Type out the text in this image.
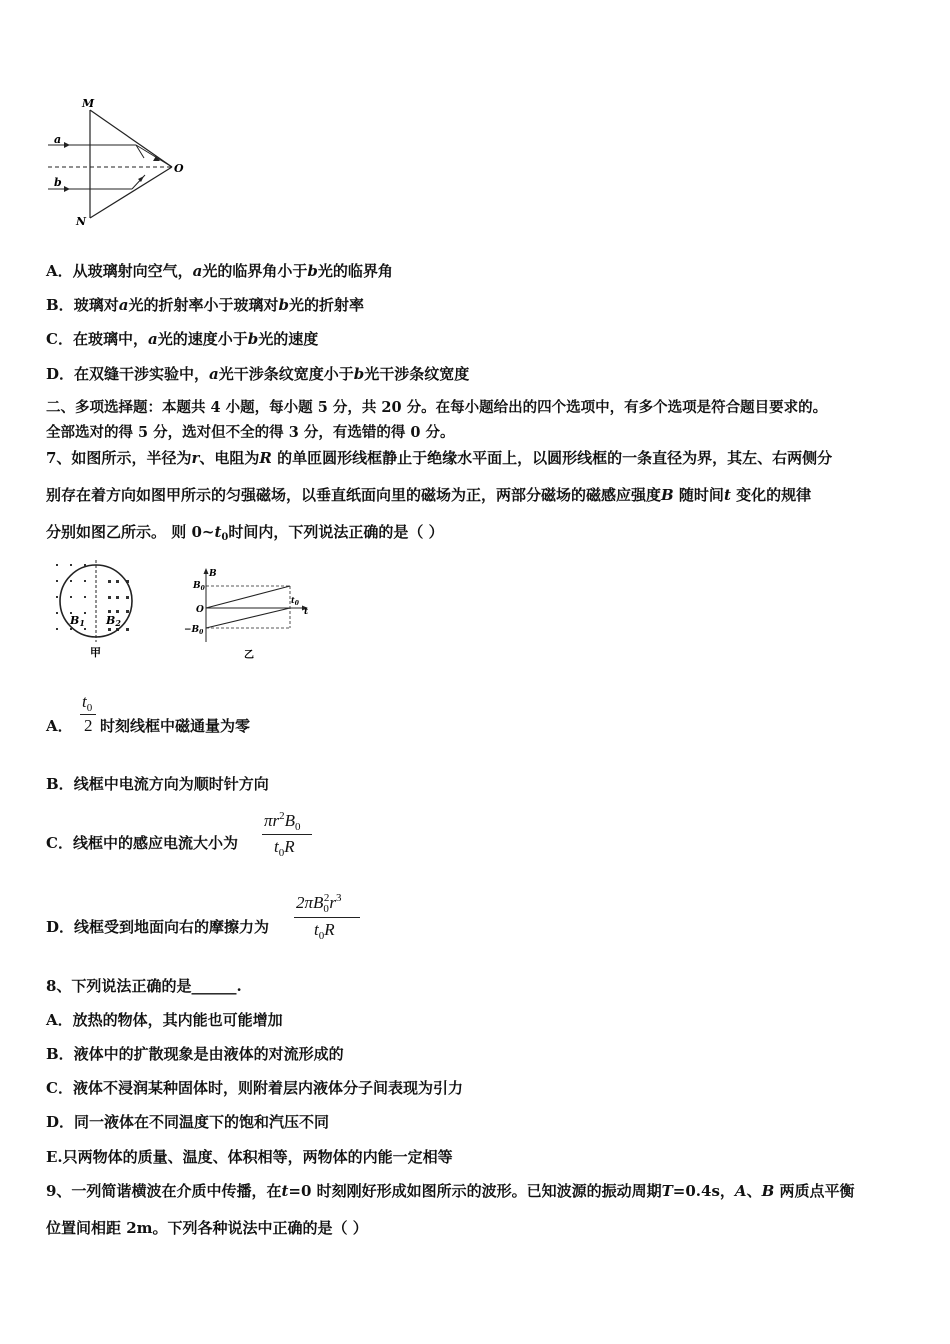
M
N
O
a
b
A．从玻璃射向空气，a光的临界角小于b光的临界角
B．玻璃对a光的折射率小于玻璃对b光的折射率
C．在玻璃中，a光的速度小于b光的速度
D．在双缝干涉实验中，a光干涉条纹宽度小于b光干涉条纹宽度
二、多项选择题：本题共 4 小题，每小题 5 分，共 20 分。在每小题给出的四个选项中，有多个选项是符合题目要求的。
全部选对的得 5 分，选对但不全的得 3 分，有选错的得 0 分。
7、如图所示，半径为r、电阻为R 的单匝圆形线框静止于绝缘水平面上，以圆形线框的一条直径为界，其左、右两侧分
别存在着方向如图甲所示的匀强磁场，以垂直纸面向里的磁场为正，两部分磁场的磁感应强度B 随时间t 变化的规律
分别如图乙所示。 则 $0\sim t_0$时间内，下列说法正确的是（ ）
B1 B2
甲
B
$B_0$
O
$t_0$
t
$-B_0$
乙
A．
$t_0$
2 时刻线框中磁通量为零
B．线框中电流方向为顺时针方向
C．线框中的感应电流大小为
$\pi r^2B_0$
$t_0R$
D．线框受到地面向右的摩擦力为
$2\pi B_0^2r^3$
$t_0R$
8、下列说法正确的是______.
A．放热的物体，其内能也可能增加
B．液体中的扩散现象是由液体的对流形成的
C．液体不浸润某种固体时，则附着层内液体分子间表现为引力
D．同一液体在不同温度下的饱和汽压不同
E.只两物体的质量、温度、体积相等，两物体的内能一定相等
9、一列简谐横波在介质中传播，在t=0 时刻刚好形成如图所示的波形。已知波源的振动周期T=0.4s，A、B 两质点平衡
位置间相距 2m。下列各种说法中正确的是（ ）
